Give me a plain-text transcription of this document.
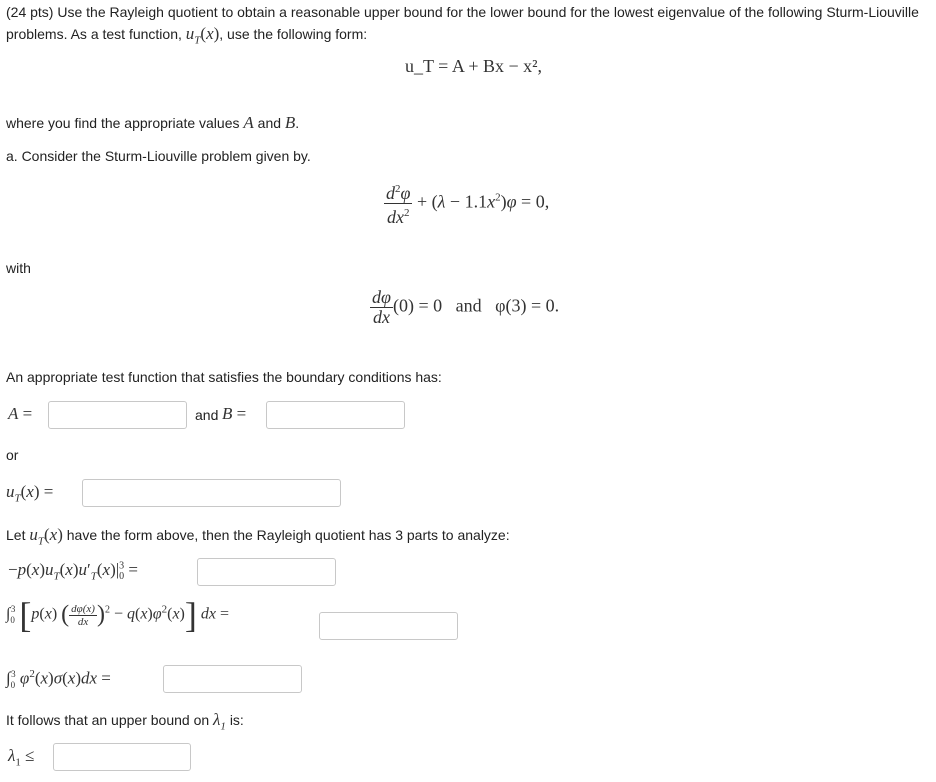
(24 pts) Use the Rayleigh quotient to obtain a reasonable upper bound for the lower bound for the lowest eigenvalue of the following Sturm-Liouville
problems. As a test function, $u_T(x)$, use the following form:
u_T = A + Bx − x²,
where you find the appropriate values A and B.
a. Consider the Sturm-Liouville problem given by.
$\frac{d^2\varphi}{dx^2} + (\lambda - 1.1x^2)\varphi = 0$,
with
$\frac{d\varphi}{dx} (0) = 0$ and φ(3) = 0.
An appropriate test function that satisfies the boundary conditions has:
A =	and B =
or
$u_T(x)$ =
Let $u_T(x)$ have the form above, then the Rayleigh quotient has 3 parts to analyze:
$-p(x)u_T(x)u'_T(x)|^3_0$ =
$\int_0^3$ [p(x) ( $\frac{d\varphi(x)}{dx} )^2 - q(x)\varphi^2(x)$] dx =
$\int_0^3$ $\varphi^2(x)\sigma(x)dx$ =
It follows that an upper bound on $\lambda_1$ is:
$\lambda_1$ ≤
